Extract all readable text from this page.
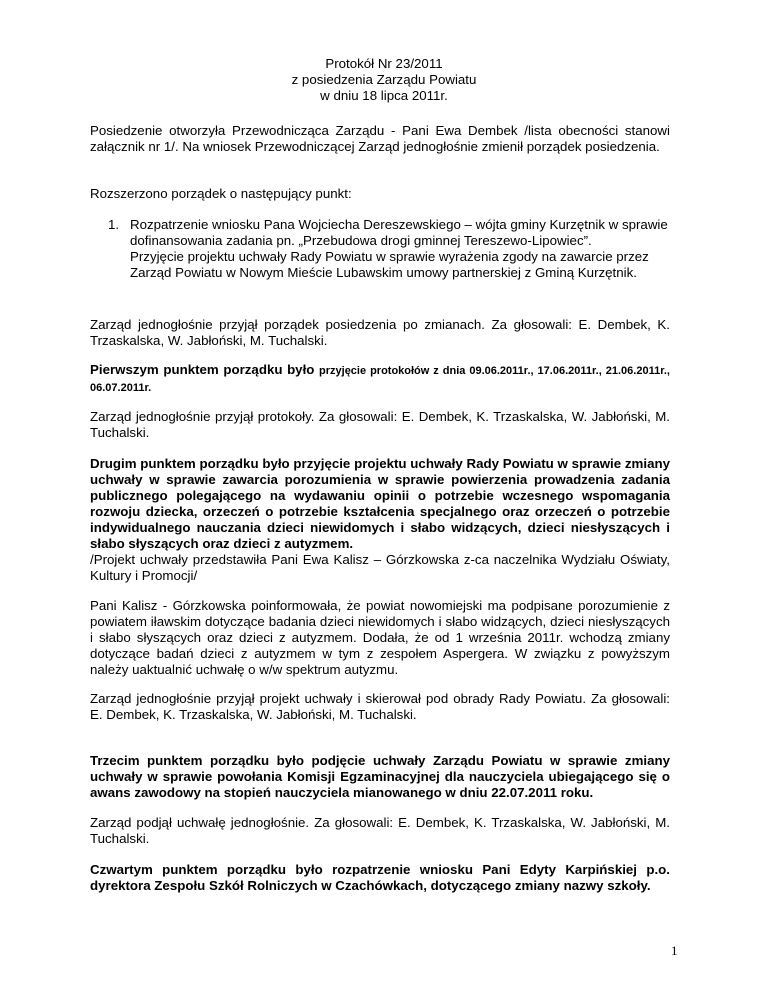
Protokół Nr 23/2011
z posiedzenia Zarządu Powiatu
w dniu 18 lipca 2011r.
Posiedzenie otworzyła Przewodnicząca Zarządu - Pani Ewa Dembek /lista obecności stanowi załącznik nr 1/. Na wniosek Przewodniczącej Zarząd jednogłośnie zmienił porządek posiedzenia.
Rozszerzono porządek o następujący punkt:
1. Rozpatrzenie wniosku Pana Wojciecha Dereszewskiego – wójta gminy Kurzętnik w sprawie dofinansowania zadania pn. „Przebudowa drogi gminnej Tereszewo-Lipowiec”.
Przyjęcie projektu uchwały Rady Powiatu w sprawie wyrażenia zgody na zawarcie przez Zarząd Powiatu w Nowym Mieście Lubawskim umowy partnerskiej z Gminą Kurzętnik.
Zarząd jednogłośnie przyjął porządek posiedzenia po zmianach. Za głosowali: E. Dembek, K. Trzaskalska, W. Jabłoński, M. Tuchalski.
Pierwszym punktem porządku było przyjęcie protokołów z dnia 09.06.2011r., 17.06.2011r., 21.06.2011r., 06.07.2011r.
Zarząd jednogłośnie przyjął protokoły. Za głosowali: E. Dembek, K. Trzaskalska, W. Jabłoński, M. Tuchalski.
Drugim punktem porządku było przyjęcie projektu uchwały Rady Powiatu w sprawie zmiany uchwały w sprawie zawarcia porozumienia w sprawie powierzenia prowadzenia zadania publicznego polegającego na wydawaniu opinii o potrzebie wczesnego wspomagania rozwoju dziecka, orzeczeń o potrzebie kształcenia specjalnego oraz orzeczeń o potrzebie indywidualnego nauczania dzieci niewidomych i słabo widzących, dzieci niesłyszących i słabo słyszących oraz dzieci z autyzmem.
/Projekt uchwały przedstawiła Pani Ewa Kalisz – Górzkowska z-ca naczelnika Wydziału Oświaty, Kultury i Promocji/
Pani Kalisz - Górzkowska poinformowała, że powiat nowomiejski ma podpisane porozumienie z powiatem iławskim dotyczące badania dzieci niewidomych i słabo widzących, dzieci niesłyszących i słabo słyszących oraz dzieci z autyzmem. Dodała, że od 1 września 2011r. wchodzą zmiany dotyczące badań dzieci z autyzmem w tym z zespołem Aspergera. W związku z powyższym należy uaktualnić uchwałę o w/w spektrum autyzmu.
Zarząd jednogłośnie przyjął projekt uchwały i skierował pod obrady Rady Powiatu. Za głosowali: E. Dembek, K. Trzaskalska, W. Jabłoński, M. Tuchalski.
Trzecim punktem porządku było podjęcie uchwały Zarządu Powiatu w sprawie zmiany uchwały w sprawie powołania Komisji Egzaminacyjnej dla nauczyciela ubiegającego się o awans zawodowy na stopień nauczyciela mianowanego w dniu 22.07.2011 roku.
Zarząd podjął uchwałę jednogłośnie. Za głosowali: E. Dembek, K. Trzaskalska, W. Jabłoński, M. Tuchalski.
Czwartym punktem porządku było rozpatrzenie wniosku Pani Edyty Karpińskiej p.o. dyrektora Zespołu Szkół Rolniczych w Czachówkach, dotyczącego zmiany nazwy szkoły.
1
